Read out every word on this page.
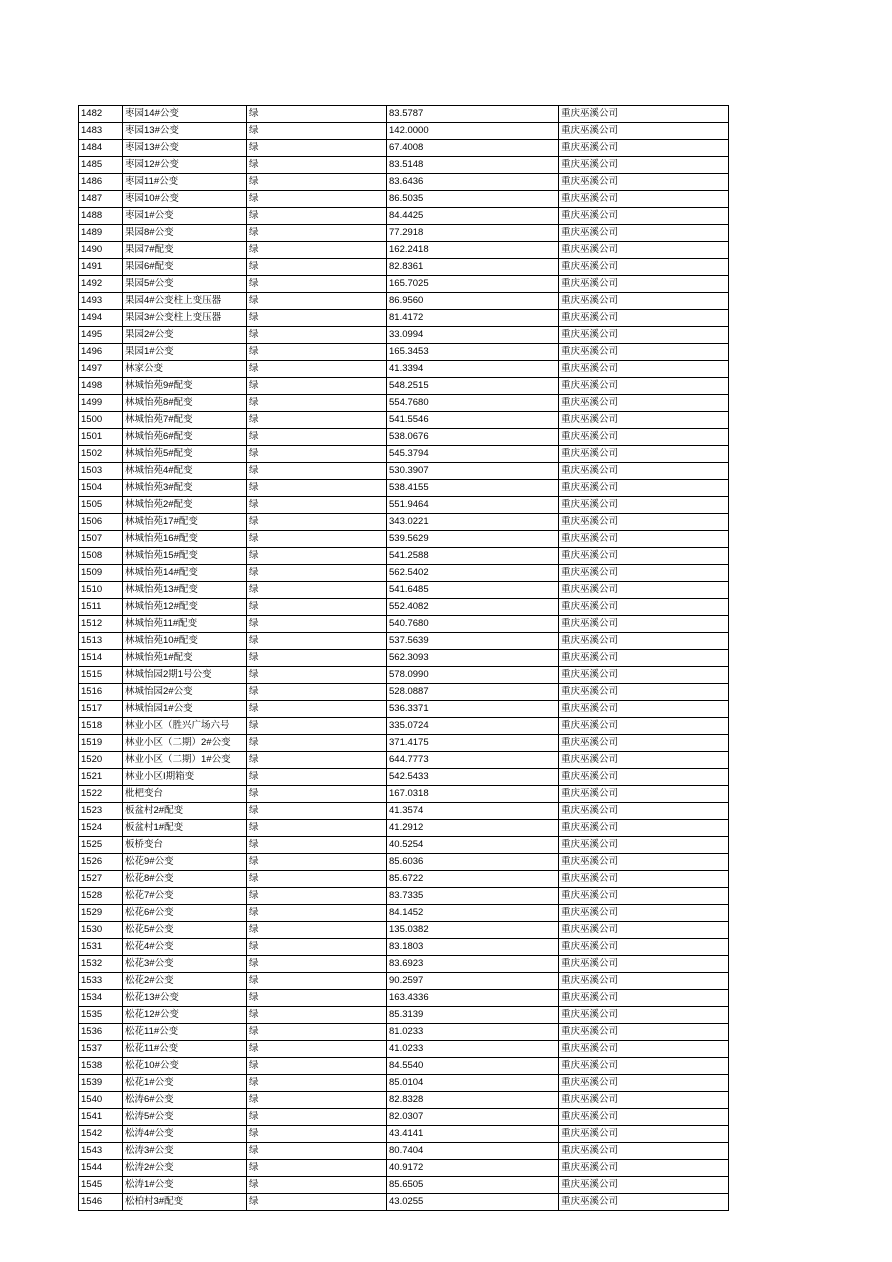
1482	枣园14#公变	绿	83.5787	重庆巫溪公司
1483	枣园13#公变	绿	142.0000	重庆巫溪公司
1484	枣园13#公变	绿	67.4008	重庆巫溪公司
1485	枣园12#公变	绿	83.5148	重庆巫溪公司
1486	枣园11#公变	绿	83.6436	重庆巫溪公司
1487	枣园10#公变	绿	86.5035	重庆巫溪公司
1488	枣园1#公变	绿	84.4425	重庆巫溪公司
1489	果园8#公变	绿	77.2918	重庆巫溪公司
1490	果园7#配变	绿	162.2418	重庆巫溪公司
1491	果园6#配变	绿	82.8361	重庆巫溪公司
1492	果园5#公变	绿	165.7025	重庆巫溪公司
1493	果园4#公变柱上变压器	绿	86.9560	重庆巫溪公司
1494	果园3#公变柱上变压器	绿	81.4172	重庆巫溪公司
1495	果园2#公变	绿	33.0994	重庆巫溪公司
1496	果园1#公变	绿	165.3453	重庆巫溪公司
1497	林家公变	绿	41.3394	重庆巫溪公司
1498	林城怡苑9#配变	绿	548.2515	重庆巫溪公司
1499	林城怡苑8#配变	绿	554.7680	重庆巫溪公司
1500	林城怡苑7#配变	绿	541.5546	重庆巫溪公司
1501	林城怡苑6#配变	绿	538.0676	重庆巫溪公司
1502	林城怡苑5#配变	绿	545.3794	重庆巫溪公司
1503	林城怡苑4#配变	绿	530.3907	重庆巫溪公司
1504	林城怡苑3#配变	绿	538.4155	重庆巫溪公司
1505	林城怡苑2#配变	绿	551.9464	重庆巫溪公司
1506	林城怡苑17#配变	绿	343.0221	重庆巫溪公司
1507	林城怡苑16#配变	绿	539.5629	重庆巫溪公司
1508	林城怡苑15#配变	绿	541.2588	重庆巫溪公司
1509	林城怡苑14#配变	绿	562.5402	重庆巫溪公司
1510	林城怡苑13#配变	绿	541.6485	重庆巫溪公司
1511	林城怡苑12#配变	绿	552.4082	重庆巫溪公司
1512	林城怡苑11#配变	绿	540.7680	重庆巫溪公司
1513	林城怡苑10#配变	绿	537.5639	重庆巫溪公司
1514	林城怡苑1#配变	绿	562.3093	重庆巫溪公司
1515	林城怡园2期1号公变	绿	578.0990	重庆巫溪公司
1516	林城怡园2#公变	绿	528.0887	重庆巫溪公司
1517	林城怡园1#公变	绿	536.3371	重庆巫溪公司
1518	林业小区（胜兴广场六号	绿	335.0724	重庆巫溪公司
1519	林业小区（二期）2#公变	绿	371.4175	重庆巫溪公司
1520	林业小区（二期）1#公变	绿	644.7773	重庆巫溪公司
1521	林业小区I期箱变	绿	542.5433	重庆巫溪公司
1522	枇杷变台	绿	167.0318	重庆巫溪公司
1523	板盆村2#配变	绿	41.3574	重庆巫溪公司
1524	板盆村1#配变	绿	41.2912	重庆巫溪公司
1525	板桥变台	绿	40.5254	重庆巫溪公司
1526	松花9#公变	绿	85.6036	重庆巫溪公司
1527	松花8#公变	绿	85.6722	重庆巫溪公司
1528	松花7#公变	绿	83.7335	重庆巫溪公司
1529	松花6#公变	绿	84.1452	重庆巫溪公司
1530	松花5#公变	绿	135.0382	重庆巫溪公司
1531	松花4#公变	绿	83.1803	重庆巫溪公司
1532	松花3#公变	绿	83.6923	重庆巫溪公司
1533	松花2#公变	绿	90.2597	重庆巫溪公司
1534	松花13#公变	绿	163.4336	重庆巫溪公司
1535	松花12#公变	绿	85.3139	重庆巫溪公司
1536	松花11#公变	绿	81.0233	重庆巫溪公司
1537	松花11#公变	绿	41.0233	重庆巫溪公司
1538	松花10#公变	绿	84.5540	重庆巫溪公司
1539	松花1#公变	绿	85.0104	重庆巫溪公司
1540	松涛6#公变	绿	82.8328	重庆巫溪公司
1541	松涛5#公变	绿	82.0307	重庆巫溪公司
1542	松涛4#公变	绿	43.4141	重庆巫溪公司
1543	松涛3#公变	绿	80.7404	重庆巫溪公司
1544	松涛2#公变	绿	40.9172	重庆巫溪公司
1545	松涛1#公变	绿	85.6505	重庆巫溪公司
1546	松柏村3#配变	绿	43.0255	重庆巫溪公司
